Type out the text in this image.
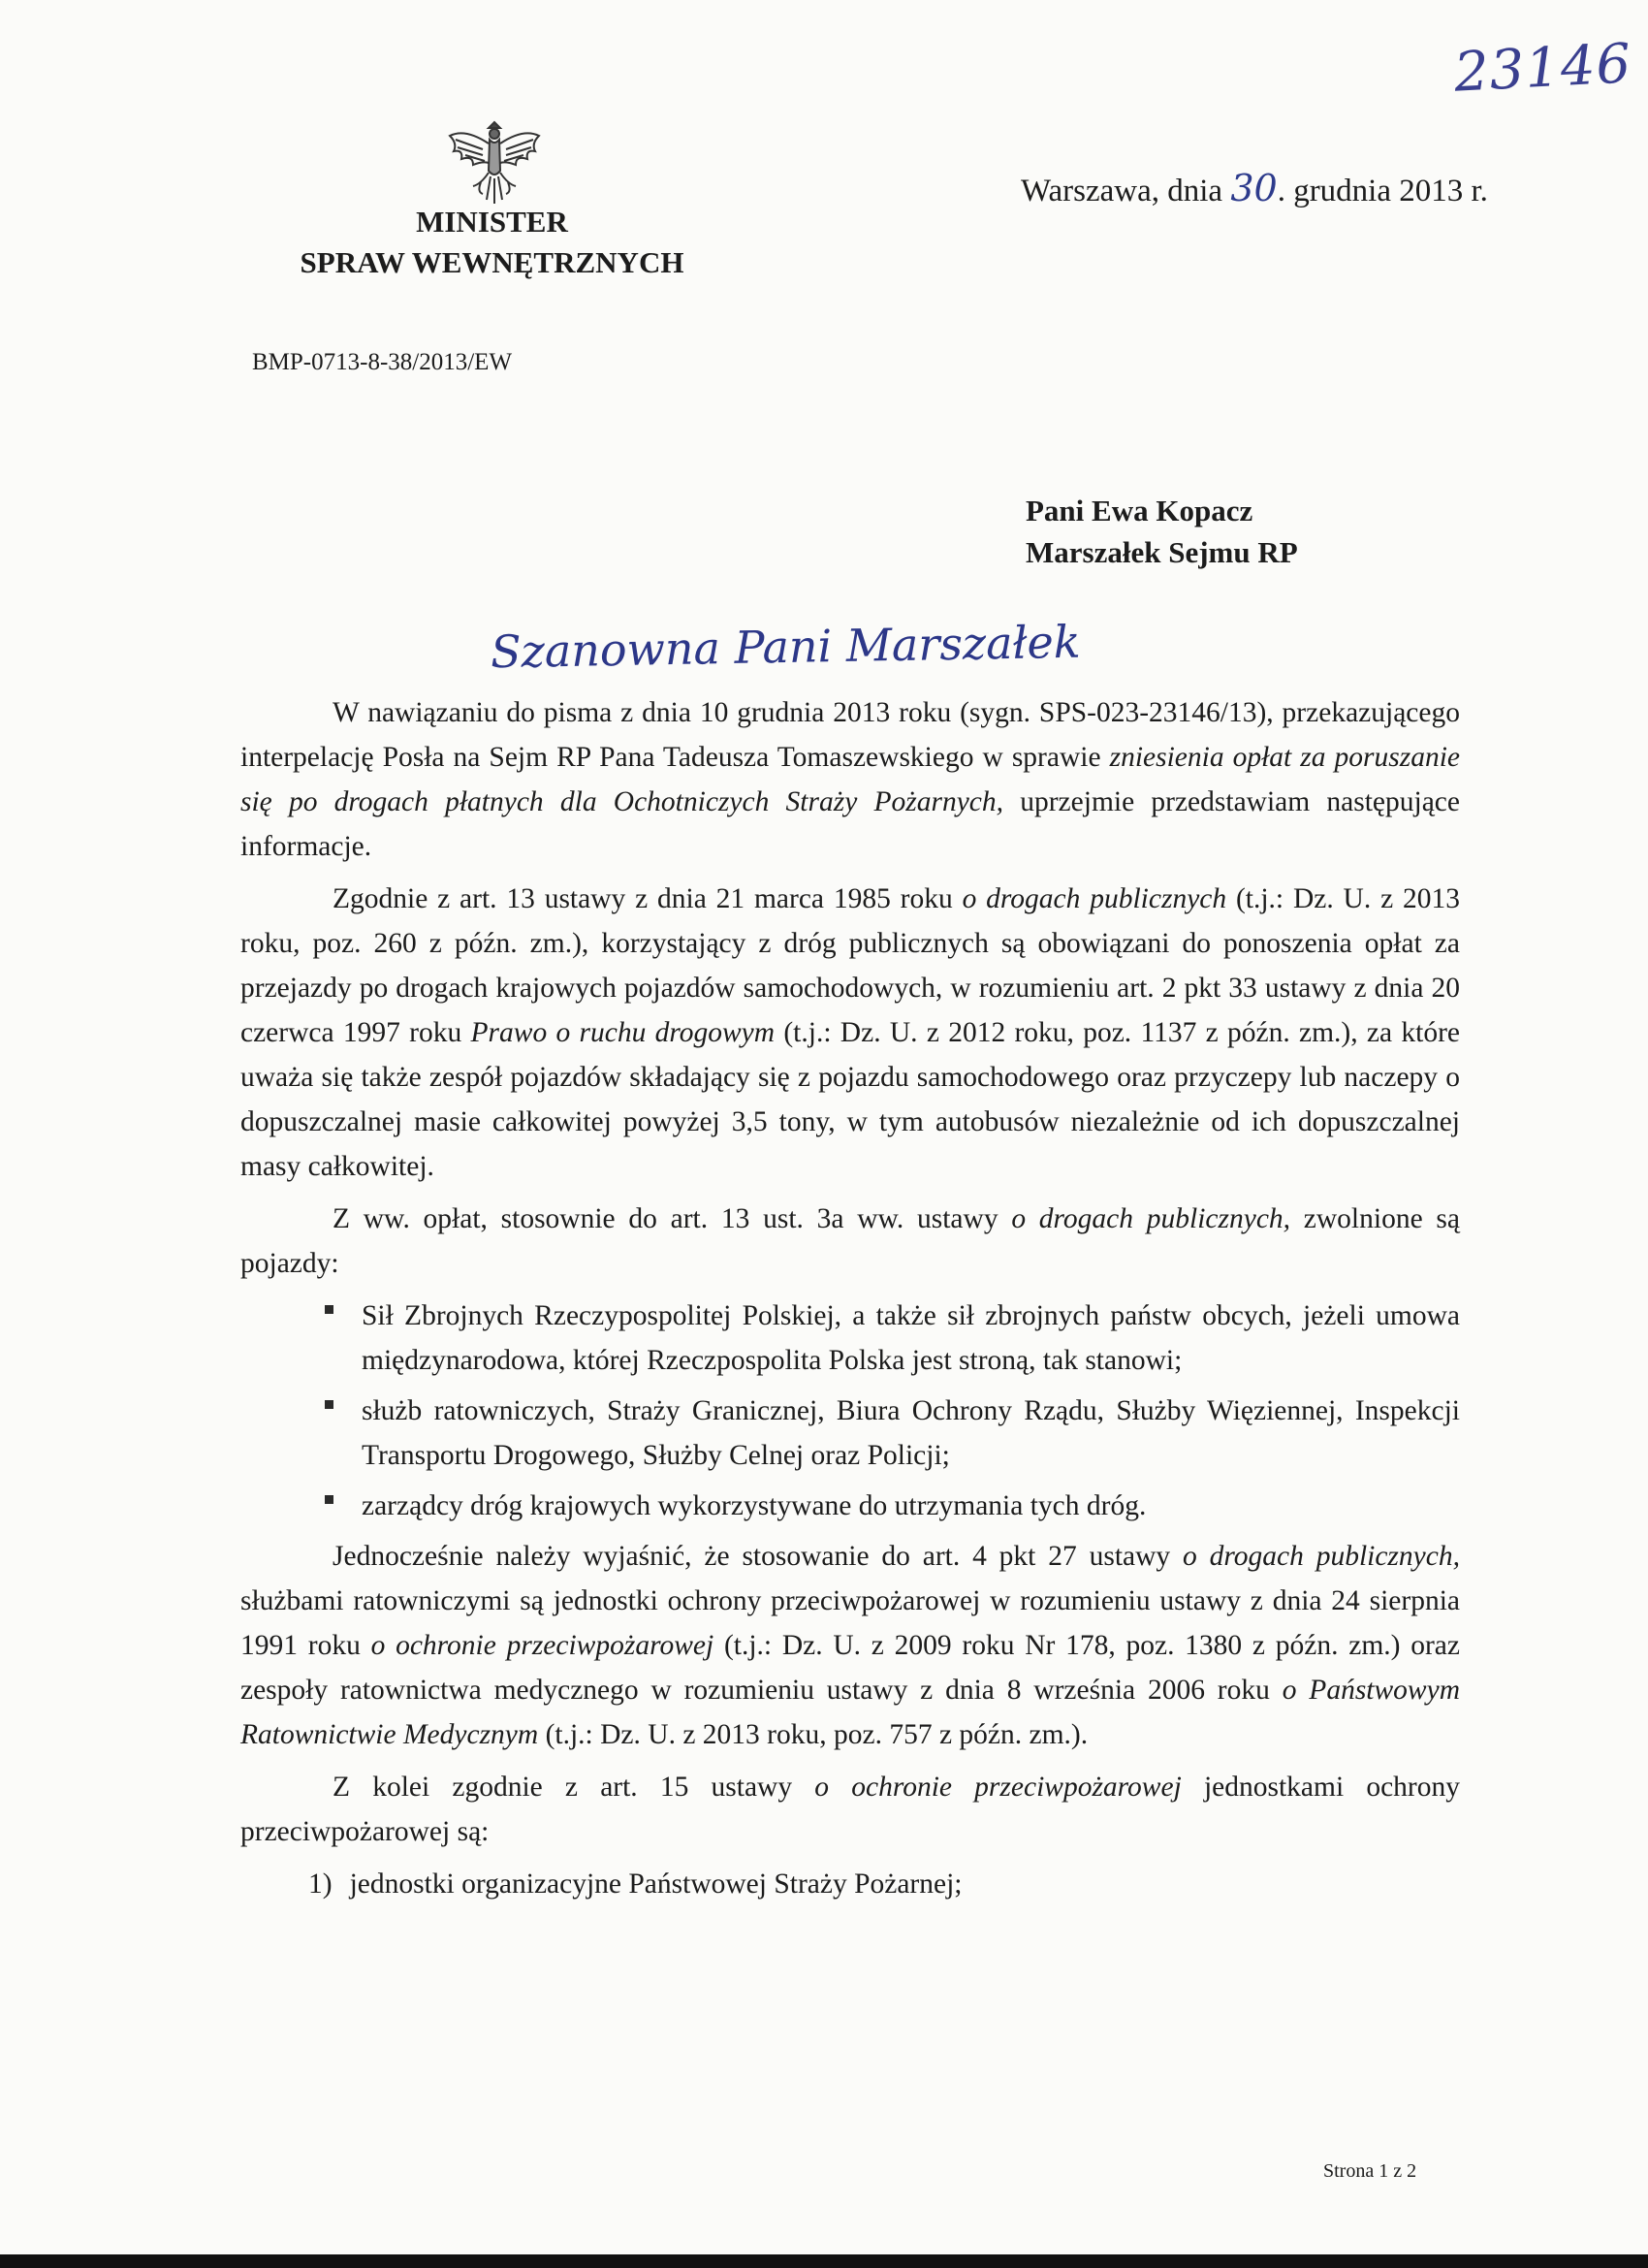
23146
MINISTER
SPRAW WEWNĘTRZNYCH
Warszawa, dnia 30. grudnia 2013 r.
BMP-0713-8-38/2013/EW
Pani Ewa Kopacz
Marszałek Sejmu RP
Szanowna Pani Marszałek

W nawiązaniu do pisma z dnia 10 grudnia 2013 roku (sygn. SPS-023-23146/13), przekazującego interpelację Posła na Sejm RP Pana Tadeusza Tomaszewskiego w sprawie zniesienia opłat za poruszanie się po drogach płatnych dla Ochotniczych Straży Pożarnych, uprzejmie przedstawiam następujące informacje.

Zgodnie z art. 13 ustawy z dnia 21 marca 1985 roku o drogach publicznych (t.j.: Dz. U. z 2013 roku, poz. 260 z późn. zm.), korzystający z dróg publicznych są obowiązani do ponoszenia opłat za przejazdy po drogach krajowych pojazdów samochodowych, w rozumieniu art. 2 pkt 33 ustawy z dnia 20 czerwca 1997 roku Prawo o ruchu drogowym (t.j.: Dz. U. z 2012 roku, poz. 1137 z późn. zm.), za które uważa się także zespół pojazdów składający się z pojazdu samochodowego oraz przyczepy lub naczepy o dopuszczalnej masie całkowitej powyżej 3,5 tony, w tym autobusów niezależnie od ich dopuszczalnej masy całkowitej.

Z ww. opłat, stosownie do art. 13 ust. 3a ww. ustawy o drogach publicznych, zwolnione są pojazdy:

Sił Zbrojnych Rzeczypospolitej Polskiej, a także sił zbrojnych państw obcych, jeżeli umowa międzynarodowa, której Rzeczpospolita Polska jest stroną, tak stanowi;
służb ratowniczych, Straży Granicznej, Biura Ochrony Rządu, Służby Więziennej, Inspekcji Transportu Drogowego, Służby Celnej oraz Policji;
zarządcy dróg krajowych wykorzystywane do utrzymania tych dróg.

Jednocześnie należy wyjaśnić, że stosowanie do art. 4 pkt 27 ustawy o drogach publicznych, służbami ratowniczymi są jednostki ochrony przeciwpożarowej w rozumieniu ustawy z dnia 24 sierpnia 1991 roku o ochronie przeciwpożarowej (t.j.: Dz. U. z 2009 roku Nr 178, poz. 1380 z późn. zm.) oraz zespoły ratownictwa medycznego w rozumieniu ustawy z dnia 8 września 2006 roku o Państwowym Ratownictwie Medycznym (t.j.: Dz. U. z 2013 roku, poz. 757 z późn. zm.).

Z kolei zgodnie z art. 15 ustawy o ochronie przeciwpożarowej jednostkami ochrony przeciwpożarowej są:

1) jednostki organizacyjne Państwowej Straży Pożarnej;
Strona 1 z 2
